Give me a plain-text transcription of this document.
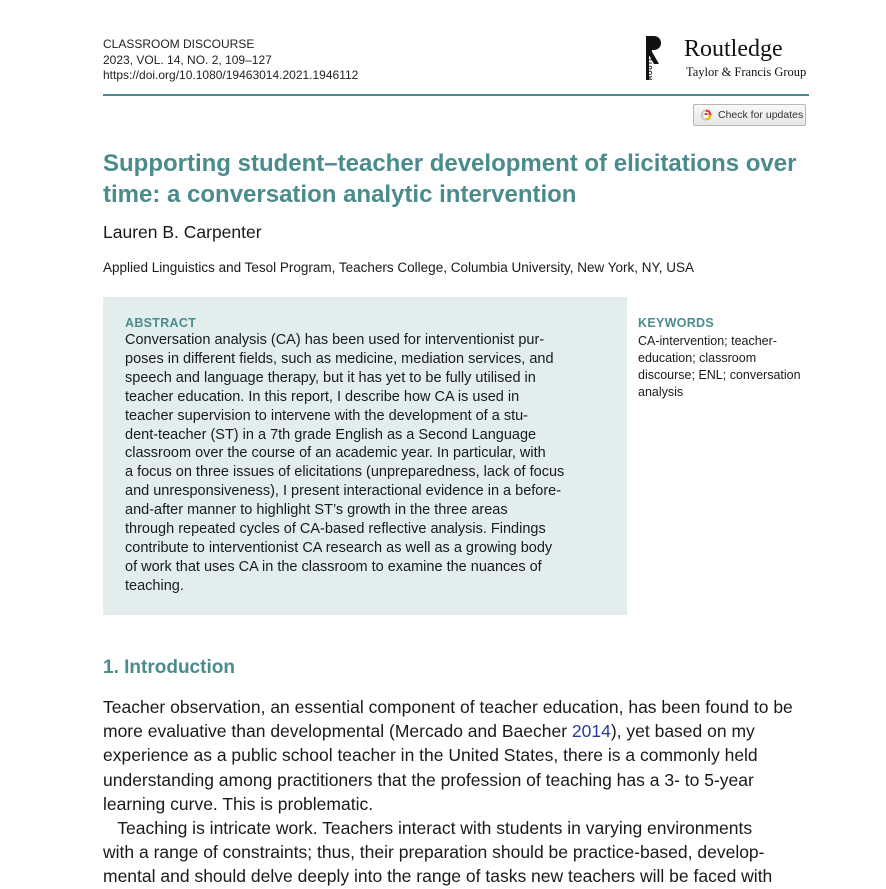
CLASSROOM DISCOURSE
2023, VOL. 14, NO. 2, 109–127
https://doi.org/10.1080/19463014.2021.1946112	ROUTLEDGE Routledge
Taylor & Francis Group
Check for updates
Supporting student–teacher development of elicitations over
time: a conversation analytic intervention
Lauren B. Carpenter
Applied Linguistics and Tesol Program, Teachers College, Columbia University, New York, NY, USA
ABSTRACT
Conversation analysis (CA) has been used for interventionist pur-
poses in different fields, such as medicine, mediation services, and
speech and language therapy, but it has yet to be fully utilised in
teacher education. In this report, I describe how CA is used in
teacher supervision to intervene with the development of a stu-
dent-teacher (ST) in a 7th grade English as a Second Language
classroom over the course of an academic year. In particular, with
a focus on three issues of elicitations (unpreparedness, lack of focus
and unresponsiveness), I present interactional evidence in a before-
and-after manner to highlight ST’s growth in the three areas
through repeated cycles of CA-based reflective analysis. Findings
contribute to interventionist CA research as well as a growing body
of work that uses CA in the classroom to examine the nuances of
teaching.
KEYWORDS
CA-intervention; teacher-
education; classroom
discourse; ENL; conversation
analysis
1. Introduction
Teacher observation, an essential component of teacher education, has been found to be
more evaluative than developmental (Mercado and Baecher 2014), yet based on my
experience as a public school teacher in the United States, there is a commonly held
understanding among practitioners that the profession of teaching has a 3- to 5-year
learning curve. This is problematic.
Teaching is intricate work. Teachers interact with students in varying environments
with a range of constraints; thus, their preparation should be practice-based, develop-
mental and should delve deeply into the range of tasks new teachers will be faced with
